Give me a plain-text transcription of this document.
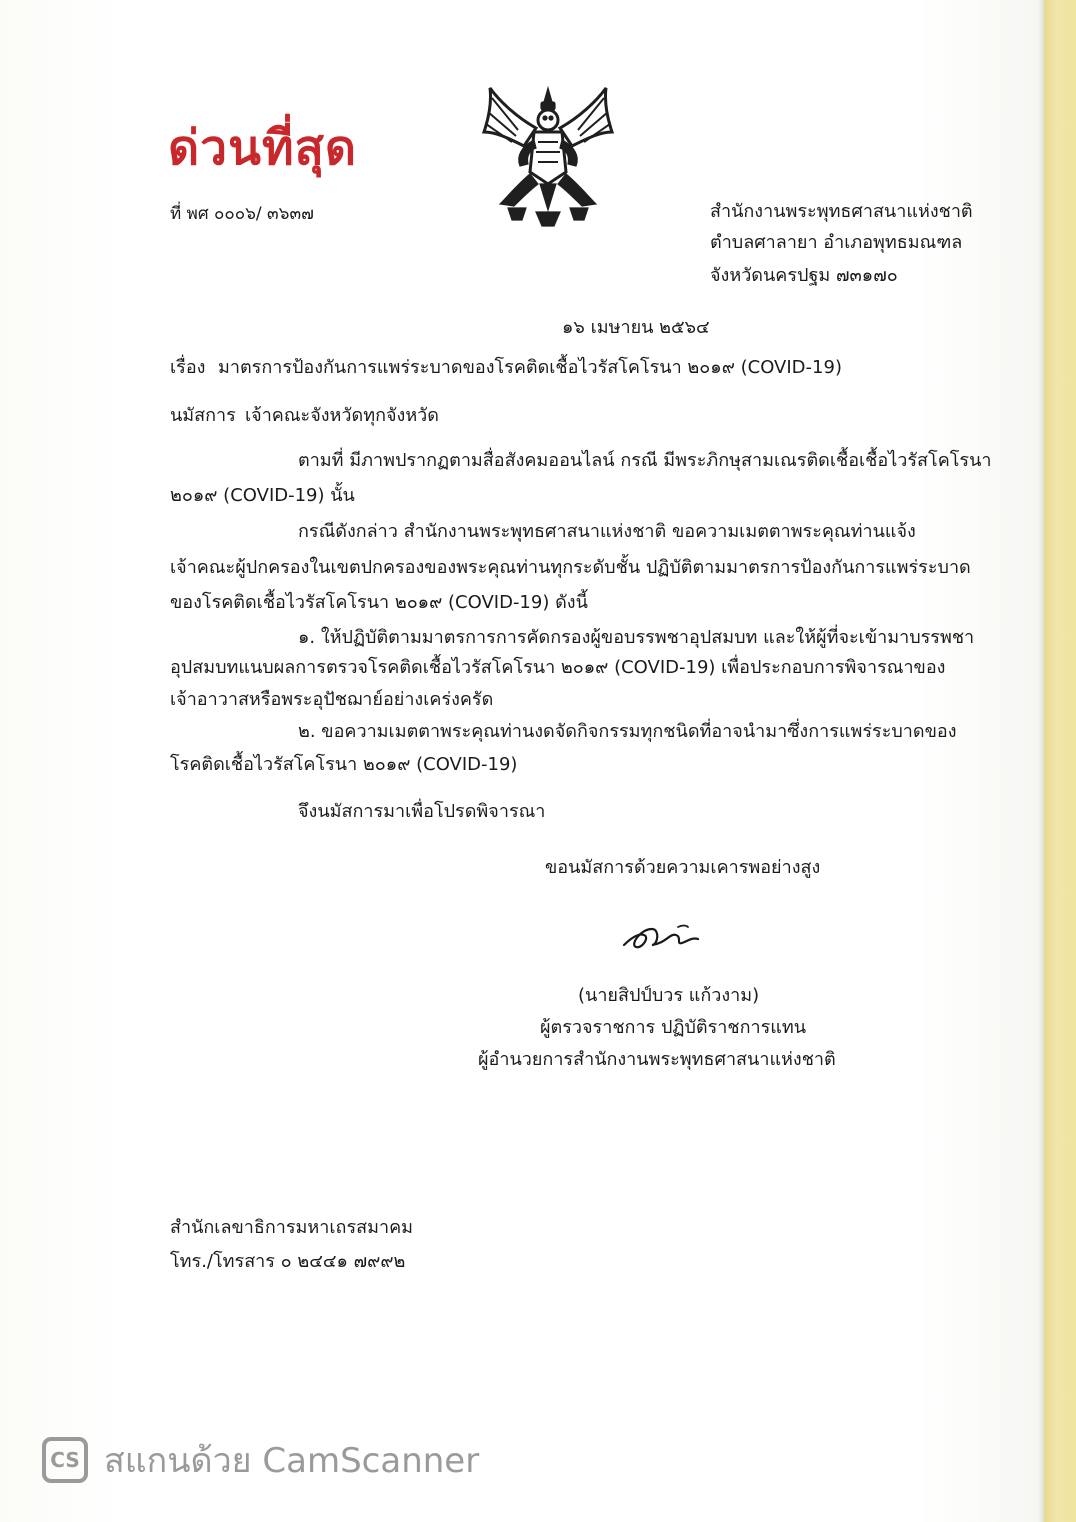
ด่วนที่สุด
ที่ พศ ๐๐๐๖/ ๓๖๓๗	สำนักงานพระพุทธศาสนาแห่งชาติ
ตำบลศาลายา อำเภอพุทธมณฑล
จังหวัดนครปฐม ๗๓๑๗๐
๑๖ เมษายน ๒๕๖๔
เรื่อง มาตรการป้องกันการแพร่ระบาดของโรคติดเชื้อไวรัสโคโรนา ๒๐๑๙ (COVID-19)
นมัสการ เจ้าคณะจังหวัดทุกจังหวัด
ตามที่ มีภาพปรากฏตามสื่อสังคมออนไลน์ กรณี มีพระภิกษุสามเณรติดเชื้อเชื้อไวรัสโคโรนา
๒๐๑๙ (COVID-19) นั้น
กรณีดังกล่าว สำนักงานพระพุทธศาสนาแห่งชาติ ขอความเมตตาพระคุณท่านแจ้ง
เจ้าคณะผู้ปกครองในเขตปกครองของพระคุณท่านทุกระดับชั้น ปฏิบัติตามมาตรการป้องกันการแพร่ระบาด
ของโรคติดเชื้อไวรัสโคโรนา ๒๐๑๙ (COVID-19) ดังนี้
๑. ให้ปฏิบัติตามมาตรการการคัดกรองผู้ขอบรรพชาอุปสมบท และให้ผู้ที่จะเข้ามาบรรพชา
อุปสมบทแนบผลการตรวจโรคติดเชื้อไวรัสโคโรนา ๒๐๑๙ (COVID-19) เพื่อประกอบการพิจารณาของ
เจ้าอาวาสหรือพระอุปัชฌาย์อย่างเคร่งครัด
๒. ขอความเมตตาพระคุณท่านงดจัดกิจกรรมทุกชนิดที่อาจนำมาซึ่งการแพร่ระบาดของ
โรคติดเชื้อไวรัสโคโรนา ๒๐๑๙ (COVID-19)
จึงนมัสการมาเพื่อโปรดพิจารณา
ขอนมัสการด้วยความเคารพอย่างสูง
(นายสิปป์บวร แก้วงาม)
ผู้ตรวจราชการ ปฏิบัติราชการแทน
ผู้อำนวยการสำนักงานพระพุทธศาสนาแห่งชาติ
สำนักเลขาธิการมหาเถรสมาคม
โทร./โทรสาร ๐ ๒๔๔๑ ๗๙๙๒
CS สแกนด้วย CamScanner
